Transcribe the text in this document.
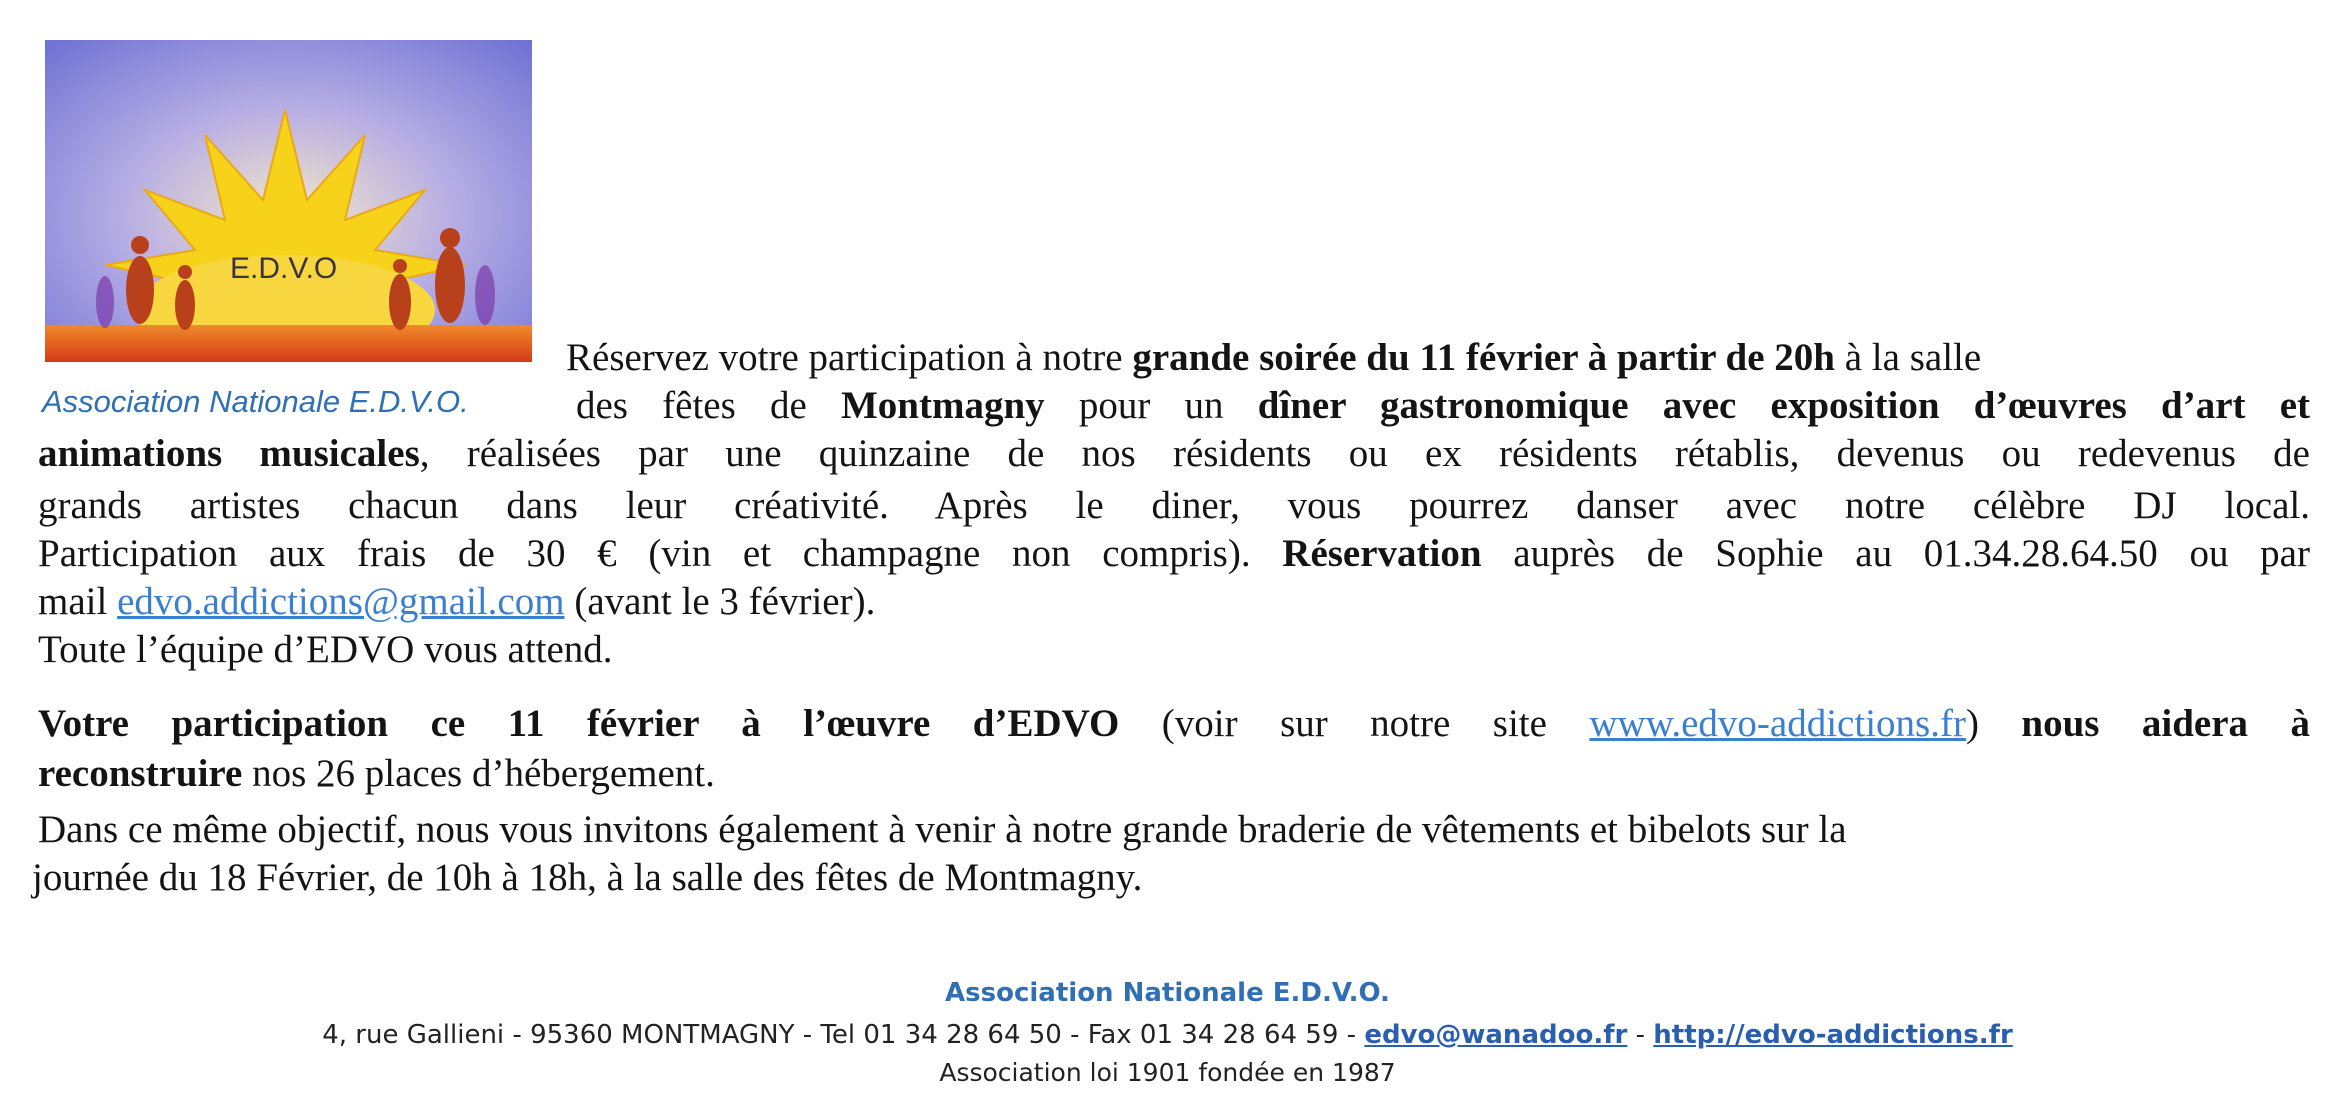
E.D.V.O
Association Nationale E.D.V.O.
Réservez votre participation à notre grande soirée du 11 février à partir de 20h à la salle
des fêtes de Montmagny pour un dîner gastronomique avec exposition d’œuvres d’art et
animations musicales, réalisées par une quinzaine de nos résidents ou ex résidents rétablis, devenus ou redevenus de
grands artistes chacun dans leur créativité. Après le diner, vous pourrez danser avec notre célèbre DJ local.
Participation aux frais de 30 € (vin et champagne non compris). Réservation auprès de Sophie au 01.34.28.64.50 ou par
mail edvo.addictions@gmail.com (avant le 3 février).
Toute l’équipe d’EDVO vous attend.
Votre participation ce 11 février à l’œuvre d’EDVO (voir sur notre site www.edvo-addictions.fr) nous aidera à
reconstruire nos 26 places d’hébergement.
Dans ce même objectif, nous vous invitons également à venir à notre grande braderie de vêtements et bibelots sur la
journée du 18 Février, de 10h à 18h, à la salle des fêtes de Montmagny.
Association Nationale E.D.V.O.
4, rue Gallieni - 95360 MONTMAGNY - Tel 01 34 28 64 50 - Fax 01 34 28 64 59 - edvo@wanadoo.fr - http://edvo-addictions.fr
Association loi 1901 fondée en 1987
